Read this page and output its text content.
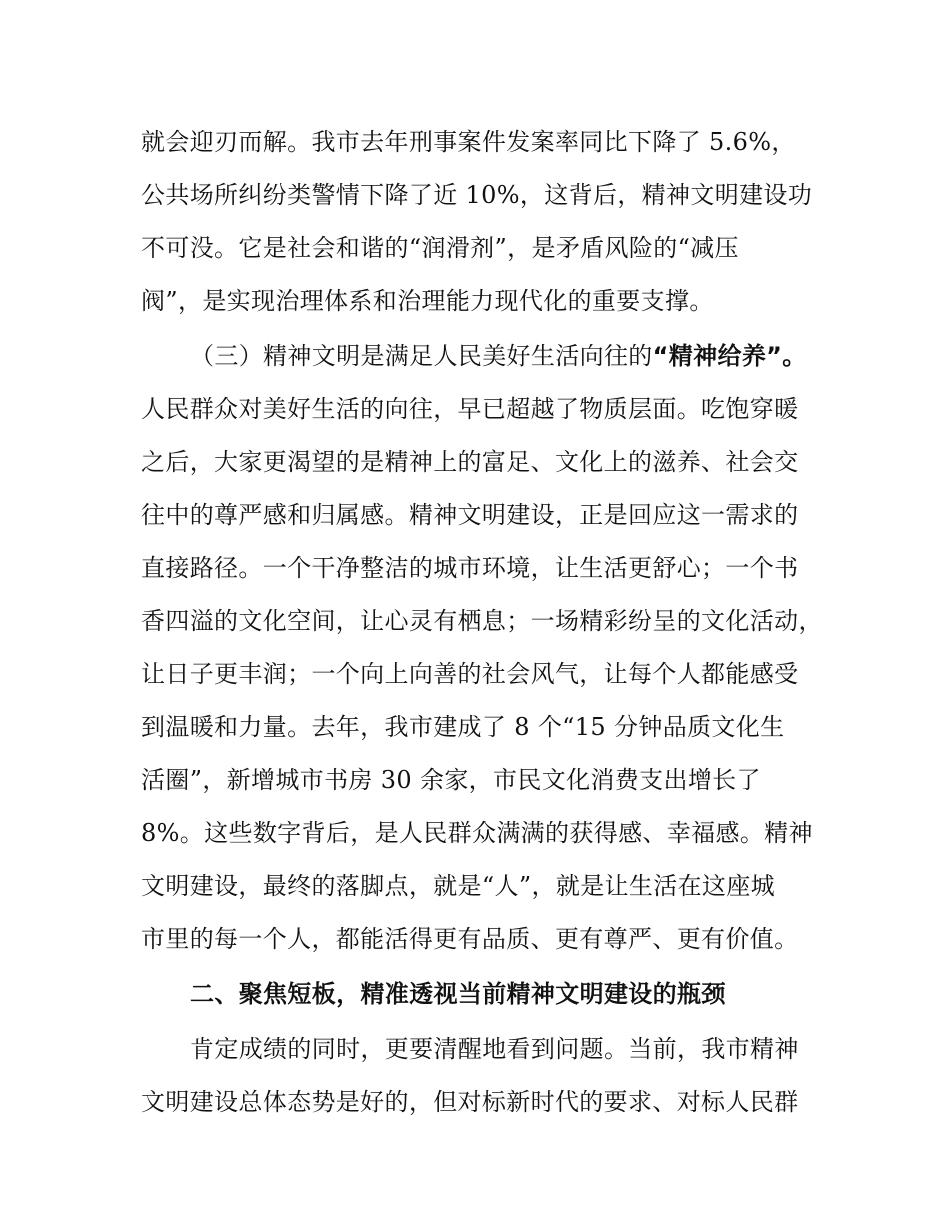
就会迎刃而解。我市去年刑事案件发案率同比下降了 5.6%，
公共场所纠纷类警情下降了近 10%，这背后，精神文明建设功
不可没。它是社会和谐的“润滑剂”，是矛盾风险的“减压
阀”，是实现治理体系和治理能力现代化的重要支撑。
（三）精神文明是满足人民美好生活向往的“精神给养”。
人民群众对美好生活的向往，早已超越了物质层面。吃饱穿暖
之后，大家更渴望的是精神上的富足、文化上的滋养、社会交
往中的尊严感和归属感。精神文明建设，正是回应这一需求的
直接路径。一个干净整洁的城市环境，让生活更舒心；一个书
香四溢的文化空间，让心灵有栖息；一场精彩纷呈的文化活动，
让日子更丰润；一个向上向善的社会风气，让每个人都能感受
到温暖和力量。去年，我市建成了 8 个“15 分钟品质文化生
活圈”，新增城市书房 30 余家，市民文化消费支出增长了
8%。这些数字背后，是人民群众满满的获得感、幸福感。精神
文明建设，最终的落脚点，就是“人”，就是让生活在这座城
市里的每一个人，都能活得更有品质、更有尊严、更有价值。
二、聚焦短板，精准透视当前精神文明建设的瓶颈
肯定成绩的同时，更要清醒地看到问题。当前，我市精神
文明建设总体态势是好的，但对标新时代的要求、对标人民群
